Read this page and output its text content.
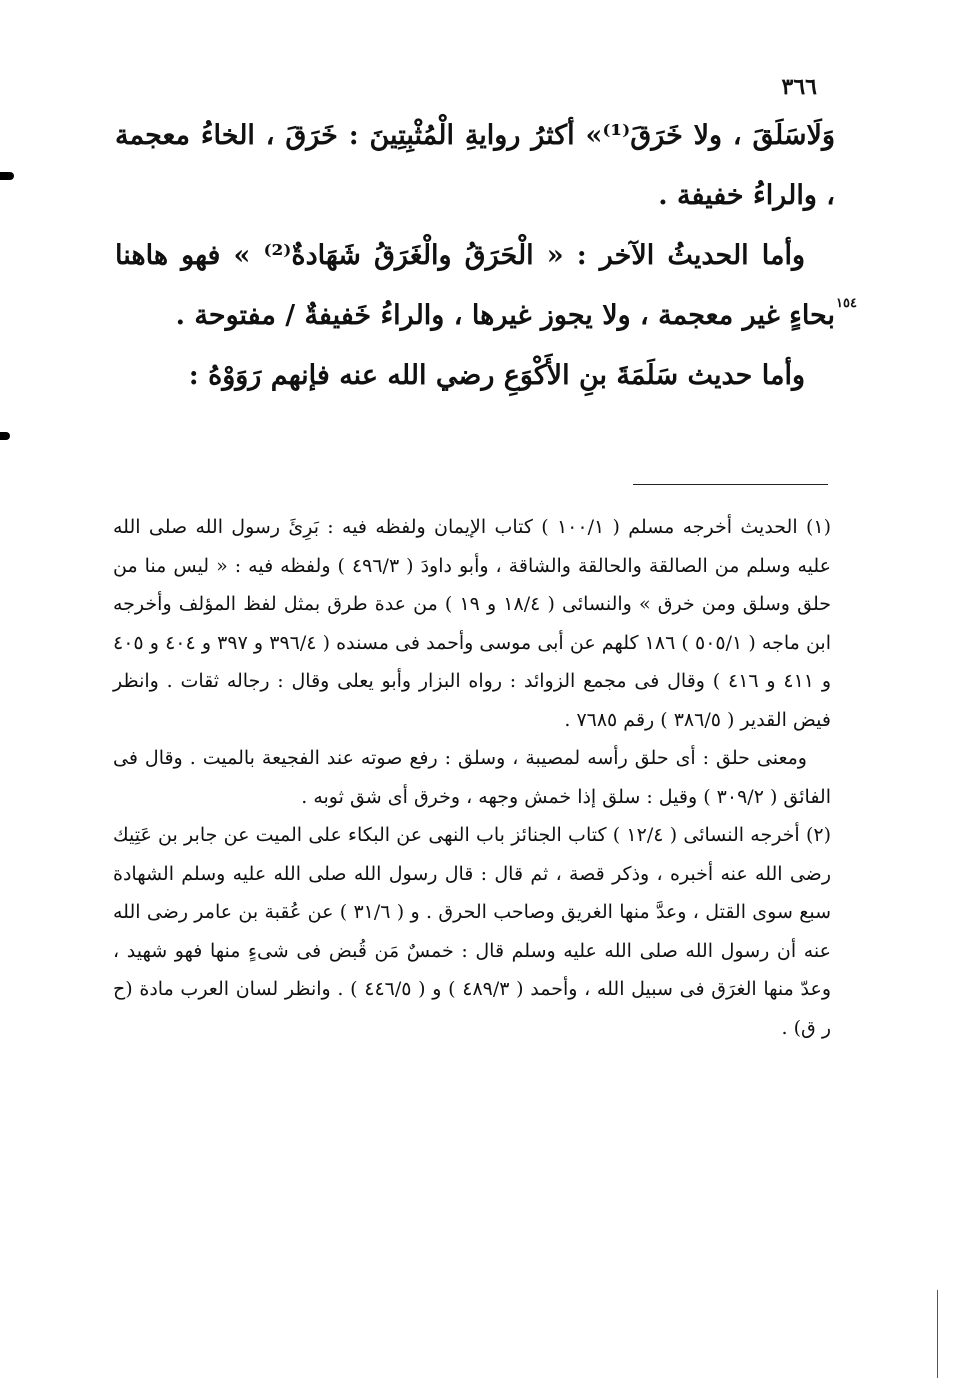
٣٦٦

وَلَاسَلَقَ ، ولا خَرَقَ⁽¹⁾» أكثرُ روايةِ الْمُثْبِتِينَ : خَرَقَ ، الخاءُ معجمة ، والراءُ خفيفة .

وأما الحديثُ الآخر : « الْحَرَقُ والْغَرَقُ شَهَادةٌ⁽²⁾ » فهو هاهنا بحاءٍ غير معجمة ، ولا يجوز غيرها ، والراءُ خَفيفةٌ / مفتوحة .

وأما حديث سَلَمَةَ بنِ الأَكْوَعِ رضي الله عنه فإنهم رَوَوْهُ :

١٥٤

(١) الحديث أخرجه مسلم ( ١٠٠/١ ) كتاب الإيمان ولفظه فيه : بَرِئَ رسول الله صلى الله عليه وسلم من الصالقة والحالقة والشاقة ، وأبو داودَ ( ٤٩٦/٣ ) ولفظه فيه : « ليس منا من حلق وسلق ومن خرق » والنسائى ( ١٨/٤ و ١٩ ) من عدة طرق بمثل لفظ المؤلف وأخرجه ابن ماجه ( ٥٠٥/١ ) ١٨٦ كلهم عن أبى موسى وأحمد فى مسنده ( ٣٩٦/٤ و ٣٩٧ و ٤٠٤ و ٤٠٥ و ٤١١ و ٤١٦ ) وقال فى مجمع الزوائد : رواه البزار وأبو يعلى وقال : رجاله ثقات . وانظر فيض القدير ( ٣٨٦/٥ ) رقم ٧٦٨٥ .

ومعنى حلق : أى حلق رأسه لمصيبة ، وسلق : رفع صوته عند الفجيعة بالميت . وقال فى الفائق ( ٣٠٩/٢ ) وقيل : سلق إذا خمش وجهه ، وخرق أى شق ثوبه .

(٢) أخرجه النسائى ( ١٢/٤ ) كتاب الجنائز باب النهى عن البكاء على الميت عن جابر بن عَتِيك رضى الله عنه أخبره ، وذكر قصة ، ثم قال : قال رسول الله صلى الله عليه وسلم الشهادة سبع سوى القتل ، وعدَّ منها الغريق وصاحب الحرق . و ( ٣١/٦ ) عن عُقبة بن عامر رضى الله عنه أن رسول الله صلى الله عليه وسلم قال : خمسٌ مَن قُبض فى شىءٍ منها فهو شهيد ، وعدّ منها الغرَق فى سبيل الله ، وأحمد ( ٤٨٩/٣ ) و ( ٤٤٦/٥ ) . وانظر لسان العرب مادة (ح ر ق) .
